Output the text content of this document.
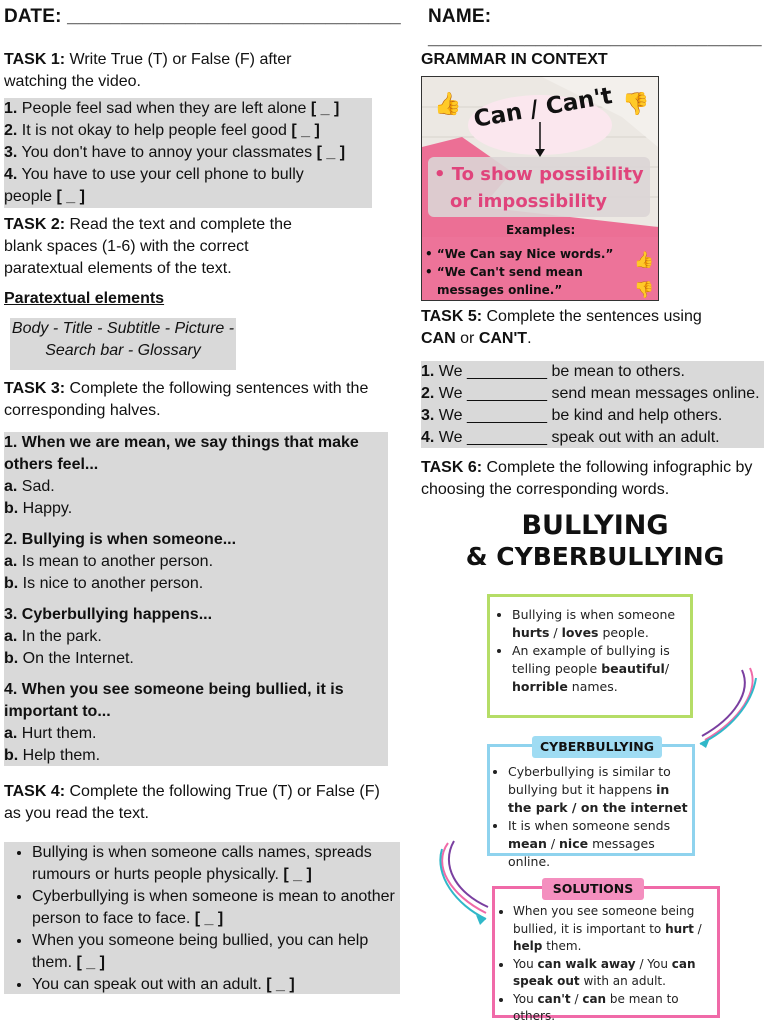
DATE: _______________________________ NAME: _______________________________
TASK 1: Write True (T) or False (F) after watching the video.
1. People feel sad when they are left alone [ _ ]
2. It is not okay to help people feel good [ _ ]
3. You don't have to annoy your classmates [ _ ]
4. You have to use your cell phone to bully people [ _ ]
TASK 2: Read the text and complete the blank spaces (1-6) with the correct paratextual elements of the text.
Paratextual elements
Body - Title - Subtitle - Picture - Search bar - Glossary
TASK 3: Complete the following sentences with the corresponding halves.
1. When we are mean, we say things that make others feel...
a. Sad.
b. Happy.
2. Bullying is when someone...
a. Is mean to another person.
b. Is nice to another person.
3. Cyberbullying happens...
a. In the park.
b. On the Internet.
4. When you see someone being bullied, it is important to...
a. Hurt them.
b. Help them.
TASK 4: Complete the following True (T) or False (F) as you read the text.
• Bullying is when someone calls names, spreads rumours or hurts people physically. [ _ ]
• Cyberbullying is when someone is mean to another person to face to face. [ _ ]
• When you someone being bullied, you can help them. [ _ ]
• You can speak out with an adult. [ _ ]
GRAMMAR IN CONTEXT
👍	👎
👍
👎
Can / Can't
• To show possibility
or impossibility
Examples:
• “We Can say Nice words.”
• “We Can't send mean
messages online.”
TASK 5: Complete the sentences using
CAN or CAN'T.
1. We _________ be mean to others.
2. We _________ send mean messages online.
3. We _________ be kind and help others.
4. We _________ speak out with an adult.
TASK 6: Complete the following infographic by choosing the corresponding words.
BULLYING
& CYBERBULLYING
• Bullying is when someone hurts / loves people.
• An example of bullying is telling people beautiful/ horrible names.
• Cyberbullying is similar to bullying but it happens in the park / on the internet
• It is when someone sends mean / nice messages online.
CYBERBULLYING
• When you see someone being bullied, it is important to hurt / help them.
• You can walk away / You can speak out with an adult.
• You can't / can be mean to others.
SOLUTIONS
